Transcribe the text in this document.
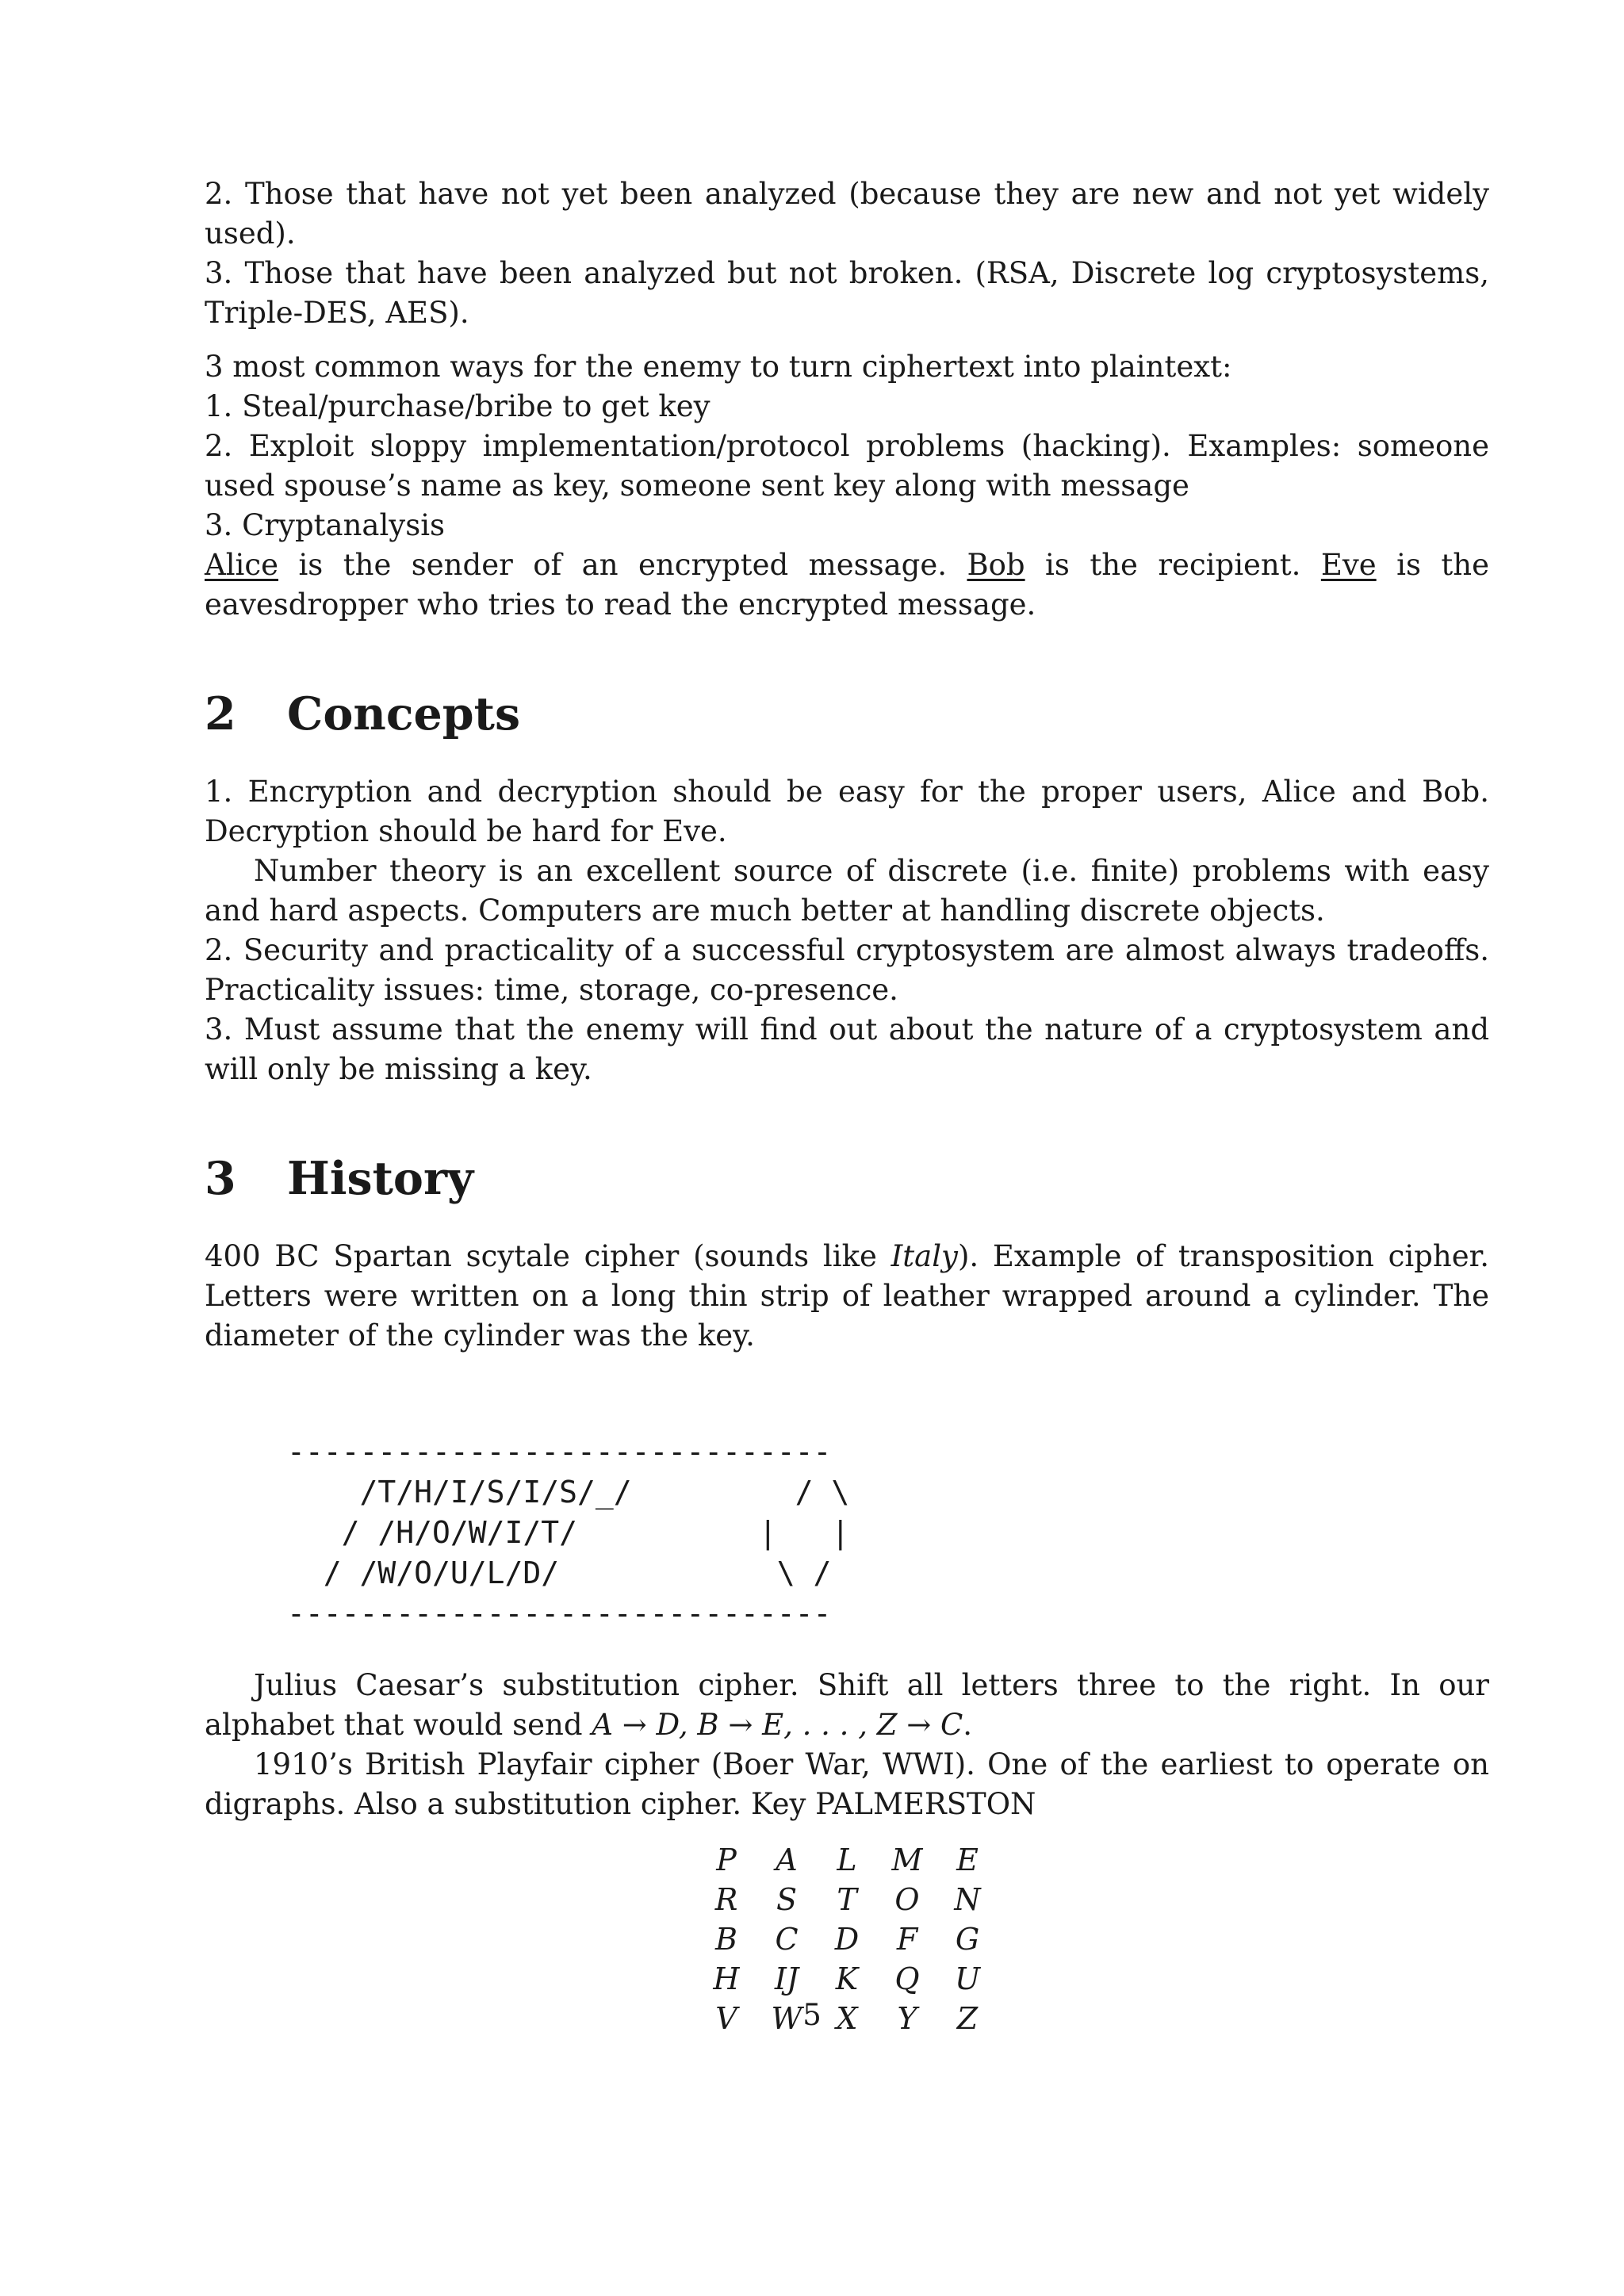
2. Those that have not yet been analyzed (because they are new and not yet widely used).
3. Those that have been analyzed but not broken. (RSA, Discrete log cryptosystems, Triple-DES, AES).
3 most common ways for the enemy to turn ciphertext into plaintext:
1. Steal/purchase/bribe to get key
2. Exploit sloppy implementation/protocol problems (hacking). Examples: someone used spouse’s name as key, someone sent key along with message
3. Cryptanalysis
Alice is the sender of an encrypted message. Bob is the recipient. Eve is the eavesdropper who tries to read the encrypted message.
2 Concepts
1. Encryption and decryption should be easy for the proper users, Alice and Bob. Decryption should be hard for Eve.
Number theory is an excellent source of discrete (i.e. finite) problems with easy and hard aspects. Computers are much better at handling discrete objects.
2. Security and practicality of a successful cryptosystem are almost always tradeoffs. Practicality issues: time, storage, co-presence.
3. Must assume that the enemy will find out about the nature of a cryptosystem and will only be missing a key.
3 History
400 BC Spartan scytale cipher (sounds like Italy). Example of transposition cipher. Letters were written on a long thin strip of leather wrapped around a cylinder. The diameter of the cylinder was the key.
------------------------------
/T/H/I/S/I/S/_/         / \
/ /H/O/W/I/T/          |   |
/ /W/O/U/L/D/            \ /
------------------------------
Julius Caesar’s substitution cipher. Shift all letters three to the right. In our alphabet that would send A → D, B → E, . . . , Z → C.
1910’s British Playfair cipher (Boer War, WWI). One of the earliest to operate on digraphs. Also a substitution cipher. Key PALMERSTON
P	A	L	M	E
R	S	T	O	N
B	C	D	F	G
H	IJ	K	Q	U
V	W	X	Y	Z
5
